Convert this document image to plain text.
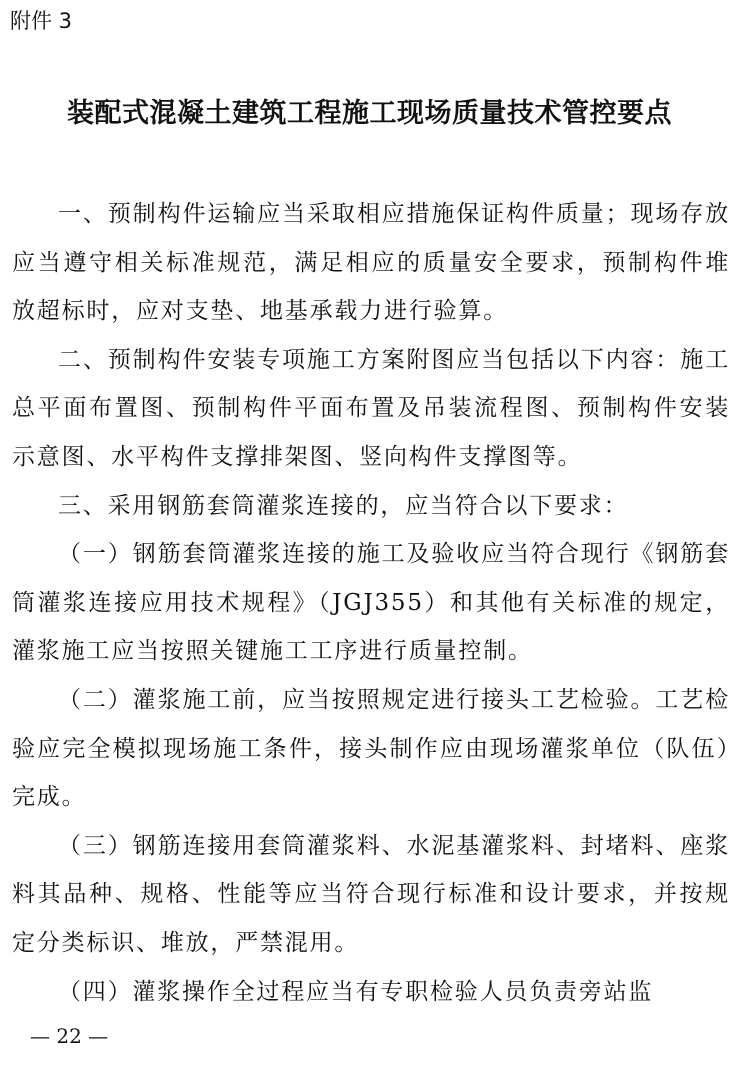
附件 3
装配式混凝土建筑工程施工现场质量技术管控要点

一、预制构件运输应当采取相应措施保证构件质量；现场存放应当遵守相关标准规范，满足相应的质量安全要求，预制构件堆放超标时，应对支垫、地基承载力进行验算。

二、预制构件安装专项施工方案附图应当包括以下内容：施工总平面布置图、预制构件平面布置及吊装流程图、预制构件安装示意图、水平构件支撑排架图、竖向构件支撑图等。

三、采用钢筋套筒灌浆连接的，应当符合以下要求：

（一）钢筋套筒灌浆连接的施工及验收应当符合现行《钢筋套筒灌浆连接应用技术规程》（JGJ355）和其他有关标准的规定，灌浆施工应当按照关键施工工序进行质量控制。

（二）灌浆施工前，应当按照规定进行接头工艺检验。工艺检验应完全模拟现场施工条件，接头制作应由现场灌浆单位（队伍）完成。

（三）钢筋连接用套筒灌浆料、水泥基灌浆料、封堵料、座浆料其品种、规格、性能等应当符合现行标准和设计要求，并按规定分类标识、堆放，严禁混用。

（四）灌浆操作全过程应当有专职检验人员负责旁站监

— 22 —
